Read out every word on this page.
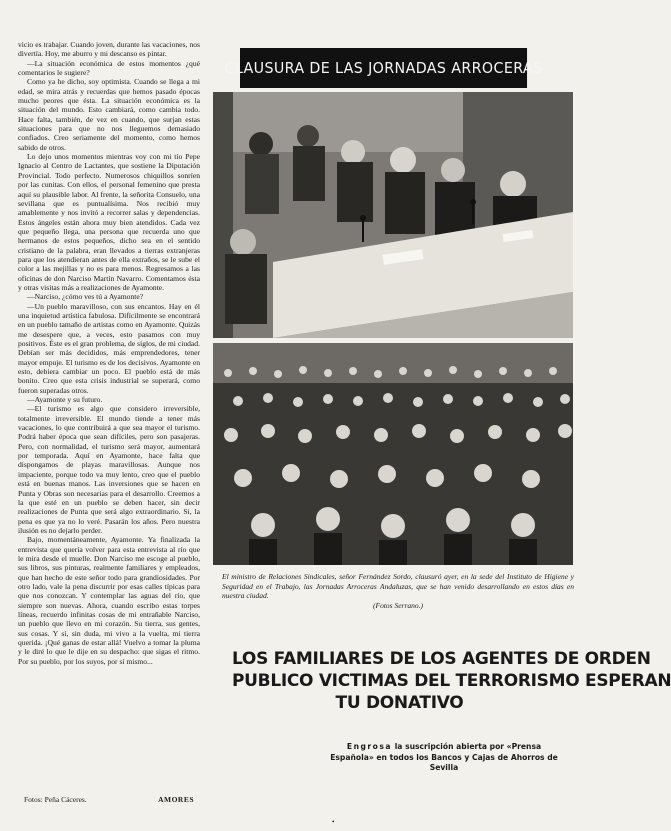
vicio es trabajar. Cuando joven, durante las vacaciones, nos divertía. Hoy, me aburro y mi descanso es pintar.

—La situación económica de estos momentos ¿qué comentarios le sugiere?

Como ya he dicho, soy optimista. Cuando se llega a mi edad, se mira atrás y recuerdas que hemos pasado épocas mucho peores que ésta. La situación económica es la situación del mundo. Esto cambiará, como cambia todo. Hace falta, también, de vez en cuando, que surjan estas situaciones para que no nos lleguemos demasiado confiados. Creo seriamente del momento, como hemos sabido de otros.

Lo dejo unos momentos mientras voy con mi tío Pepe Ignacio al Centro de Lactantes, que sostiene la Diputación Provincial. Todo perfecto. Numerosos chiquillos sonríen por las cunitas. Con ellos, el personal femenino que presta aquí su plausible labor. Al frente, la señorita Consuelo, una sevillana que es puntualísima. Nos recibió muy amablemente y nos invitó a recorrer salas y dependencias. Estos ángeles están ahora muy bien atendidos. Cada vez que pequeño llega, una persona que recuerda uno que hermanos de estos pequeños, dicho sea en el sentido cristiano de la palabra, eran llevados a tierras extranjeras para que los atendieran antes de ella extraños, se le sube el color a las mejillas y no es para menos. Regresamos a las oficinas de don Narciso Martín Navarro. Comentamos ésta y otras visitas más a realizaciones de Ayamonte.

—Narciso, ¿cómo ves tú a Ayamonte?

—Un pueblo maravilloso, con sus encantos. Hay en él una inquietud artística fabulosa. Difícilmente se encontrará en un pueblo tamaño de artistas como en Ayamonte. Quizás me desespere que, a veces, esto pasamos con muy positivos. Éste es el gran problema, de siglos, de mi ciudad. Debían ser más decididos, más emprendedores, tener mayor empuje. El turismo es de los decisivos. Ayamonte en esto, debiera cambiar un poco. El pueblo está de más bonito. Creo que esta crisis industrial se superará, como fueron superadas otros.

—Ayamonte y su futuro.

—El turismo es algo que considero irreversible, totalmente irreversible. El mundo tiende a tener más vacaciones, lo que contribuirá a que sea mayor el turismo. Podrá haber época que sean difíciles, pero son pasajeras. Pero, con normalidad, el turismo será mayor, aumentará por temporada. Aquí en Ayamonte, hace falta que dispongamos de playas maravillosas. Aunque nos impaciente, porque todo va muy lento, creo que el pueblo está en buenas manos. Las inversiones que se hacen en Punta y Obras son necesarias para el desarrollo. Creemos a la que esté en un pueblo se deben hacer, sin decir realizaciones de Punta que será algo extraordinario. Si, la pena es que ya no lo veré. Pasarán los años. Pero nuestra ilusión es no dejarlo perder.

Bajo, momentáneamente, Ayamonte. Ya finalizada la entrevista que quería volver para esta entrevista al río que le mira desde el muelle. Don Narciso me escoge al pueblo, sus libros, sus pinturas, realmente familiares y empleados, que han hecho de este señor todo para grandiosidades. Por otro lado, vale la pena discurrir por esas calles típicas para que nos conozcan. Y contemplar las aguas del río, que siempre son nuevas. Ahora, cuando escribo estas torpes líneas, recuerdo infinitas cosas de mi entrañable Narciso, un pueblo que llevo en mi corazón. Su tierra, sus gentes, sus cosas. Y sí, sin duda, mi vivo a la vuelta, mi tierra querida. ¡Qué ganas de estar allá! Vuelvo a tomar la pluma y le diré lo que le dije en su despacho: que sigas el ritmo. Por su pueblo, por los suyos, por sí mismo...

Fotos: Peña Cáceres.	AMORES
CLAUSURA DE LAS JORNADAS ARROCERAS
El ministro de Relaciones Sindicales, señor Fernández Sordo, clausuró ayer, en la sede del Instituto de Higiene y Seguridad en el Trabajo, las Jornadas Arroceras Andaluzas, que se han venido desarrollando en estos días en nuestra ciudad.
(Fotos Serrano.)
LOS FAMILIARES DE LOS AGENTES DE ORDEN
PUBLICO VICTIMAS DEL TERRORISMO ESPERAN
TU DONATIVO
Engrosa la suscripción abierta por «Prensa Española» en todos los Bancos y Cajas de Ahorros de Sevilla
•
